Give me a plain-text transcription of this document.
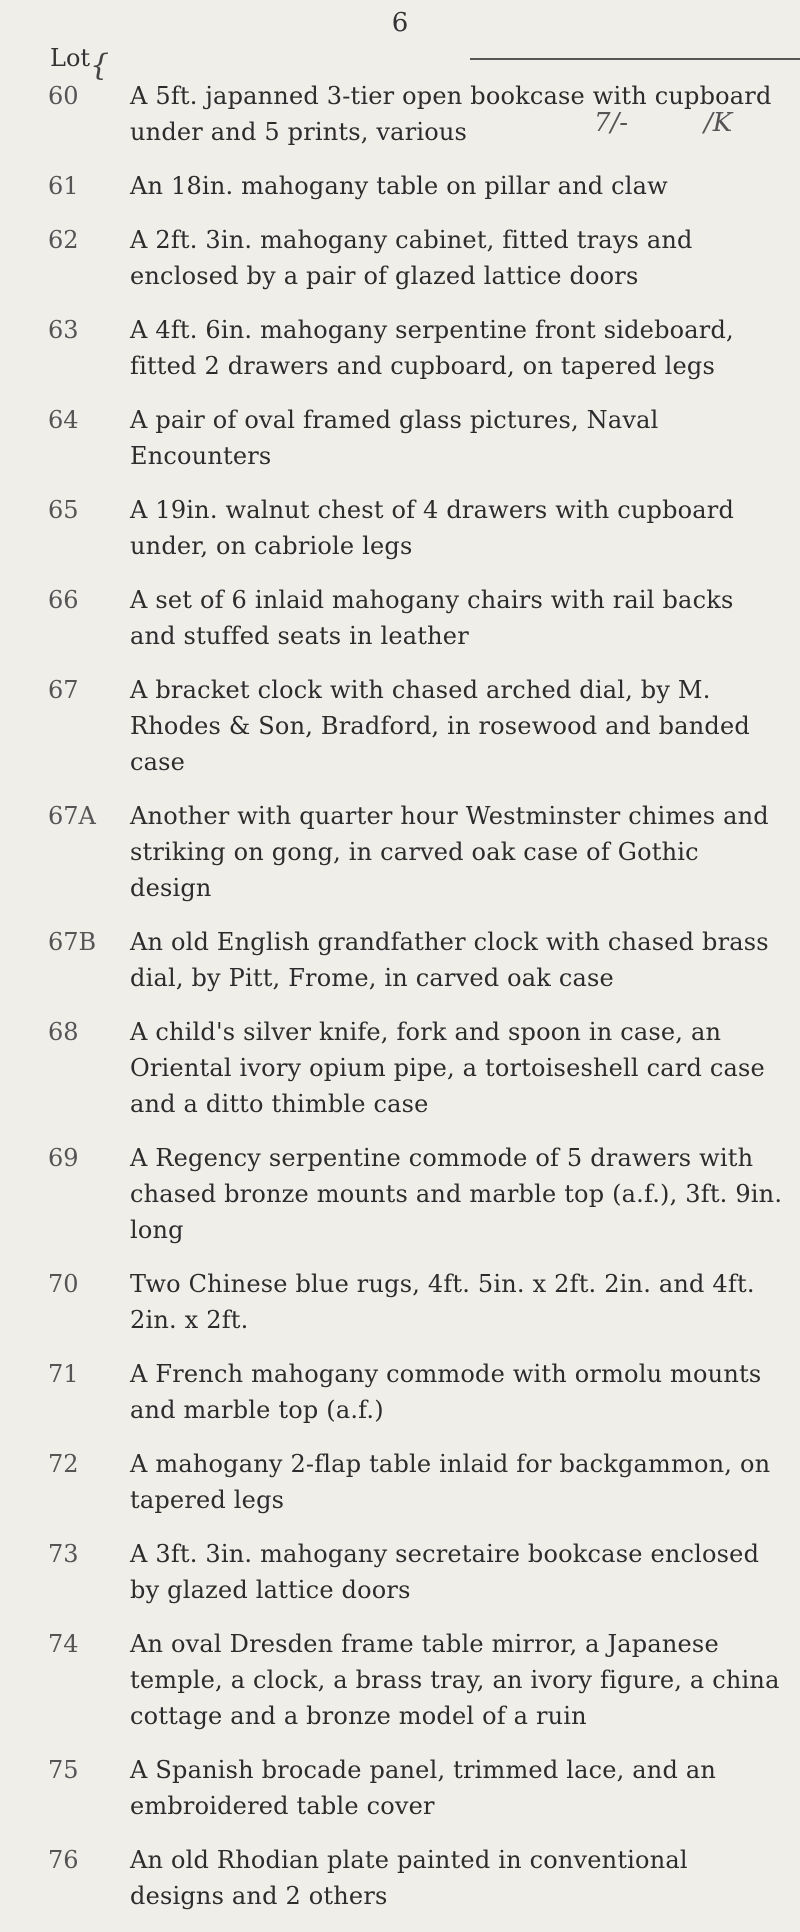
6
Lot
60	A 5ft. japanned 3-tier open bookcase with cupboard under and 5 prints, various
61	An 18in. mahogany table on pillar and claw
62	A 2ft. 3in. mahogany cabinet, fitted trays and enclosed by a pair of glazed lattice doors
63	A 4ft. 6in. mahogany serpentine front sideboard, fitted 2 drawers and cupboard, on tapered legs
64	A pair of oval framed glass pictures, Naval Encounters
65	A 19in. walnut chest of 4 drawers with cupboard under, on cabriole legs
66	A set of 6 inlaid mahogany chairs with rail backs and stuffed seats in leather
67	A bracket clock with chased arched dial, by M. Rhodes & Son, Bradford, in rosewood and banded case
67A	Another with quarter hour Westminster chimes and striking on gong, in carved oak case of Gothic design
67B	An old English grandfather clock with chased brass dial, by Pitt, Frome, in carved oak case
68	A child's silver knife, fork and spoon in case, an Oriental ivory opium pipe, a tortoiseshell card case and a ditto thimble case
69	A Regency serpentine commode of 5 drawers with chased bronze mounts and marble top (a.f.), 3ft. 9in. long
70	Two Chinese blue rugs, 4ft. 5in. x 2ft. 2in. and 4ft. 2in. x 2ft.
71	A French mahogany commode with ormolu mounts and marble top (a.f.)
72	A mahogany 2-flap table inlaid for backgammon, on tapered legs
73	A 3ft. 3in. mahogany secretaire bookcase enclosed by glazed lattice doors
74	An oval Dresden frame table mirror, a Japanese temple, a clock, a brass tray, an ivory figure, a china cottage and a bronze model of a ruin
75	A Spanish brocade panel, trimmed lace, and an embroidered table cover
76	An old Rhodian plate painted in conventional designs and 2 others
{
7/-	/K
